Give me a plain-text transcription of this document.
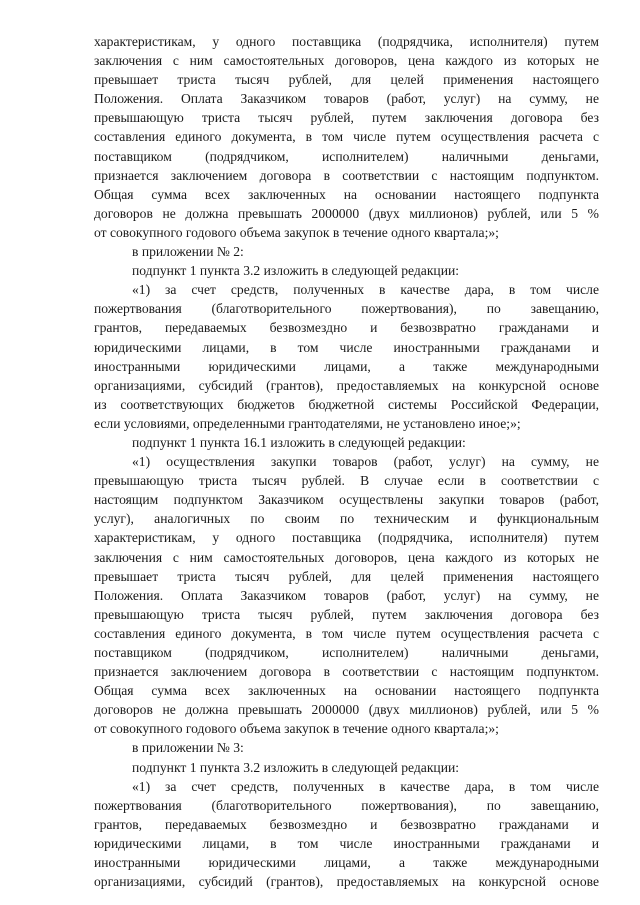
характеристикам, у одного поставщика (подрядчика, исполнителя) путем
заключения с ним самостоятельных договоров, цена каждого из которых не
превышает триста тысяч рублей, для целей применения настоящего
Положения. Оплата Заказчиком товаров (работ, услуг) на сумму, не
превышающую триста тысяч рублей, путем заключения договора без
составления единого документа, в том числе путем осуществления расчета с
поставщиком (подрядчиком, исполнителем) наличными деньгами,
признается заключением договора в соответствии с настоящим подпунктом.
Общая сумма всех заключенных на основании настоящего подпункта
договоров не должна превышать 2000000 (двух миллионов) рублей, или 5 %
от совокупного годового объема закупок в течение одного квартала;»;
в приложении № 2:
подпункт 1 пункта 3.2 изложить в следующей редакции:
«1) за счет средств, полученных в качестве дара, в том числе
пожертвования (благотворительного пожертвования), по завещанию,
грантов, передаваемых безвозмездно и безвозвратно гражданами и
юридическими лицами, в том числе иностранными гражданами и
иностранными юридическими лицами, а также международными
организациями, субсидий (грантов), предоставляемых на конкурсной основе
из соответствующих бюджетов бюджетной системы Российской Федерации,
если условиями, определенными грантодателями, не установлено иное;»;
подпункт 1 пункта 16.1 изложить в следующей редакции:
«1) осуществления закупки товаров (работ, услуг) на сумму, не
превышающую триста тысяч рублей. В случае если в соответствии с
настоящим подпунктом Заказчиком осуществлены закупки товаров (работ,
услуг), аналогичных по своим по техническим и функциональным
характеристикам, у одного поставщика (подрядчика, исполнителя) путем
заключения с ним самостоятельных договоров, цена каждого из которых не
превышает триста тысяч рублей, для целей применения настоящего
Положения. Оплата Заказчиком товаров (работ, услуг) на сумму, не
превышающую триста тысяч рублей, путем заключения договора без
составления единого документа, в том числе путем осуществления расчета с
поставщиком (подрядчиком, исполнителем) наличными деньгами,
признается заключением договора в соответствии с настоящим подпунктом.
Общая сумма всех заключенных на основании настоящего подпункта
договоров не должна превышать 2000000 (двух миллионов) рублей, или 5 %
от совокупного годового объема закупок в течение одного квартала;»;
в приложении № 3:
подпункт 1 пункта 3.2 изложить в следующей редакции:
«1) за счет средств, полученных в качестве дара, в том числе
пожертвования (благотворительного пожертвования), по завещанию,
грантов, передаваемых безвозмездно и безвозвратно гражданами и
юридическими лицами, в том числе иностранными гражданами и
иностранными юридическими лицами, а также международными
организациями, субсидий (грантов), предоставляемых на конкурсной основе
